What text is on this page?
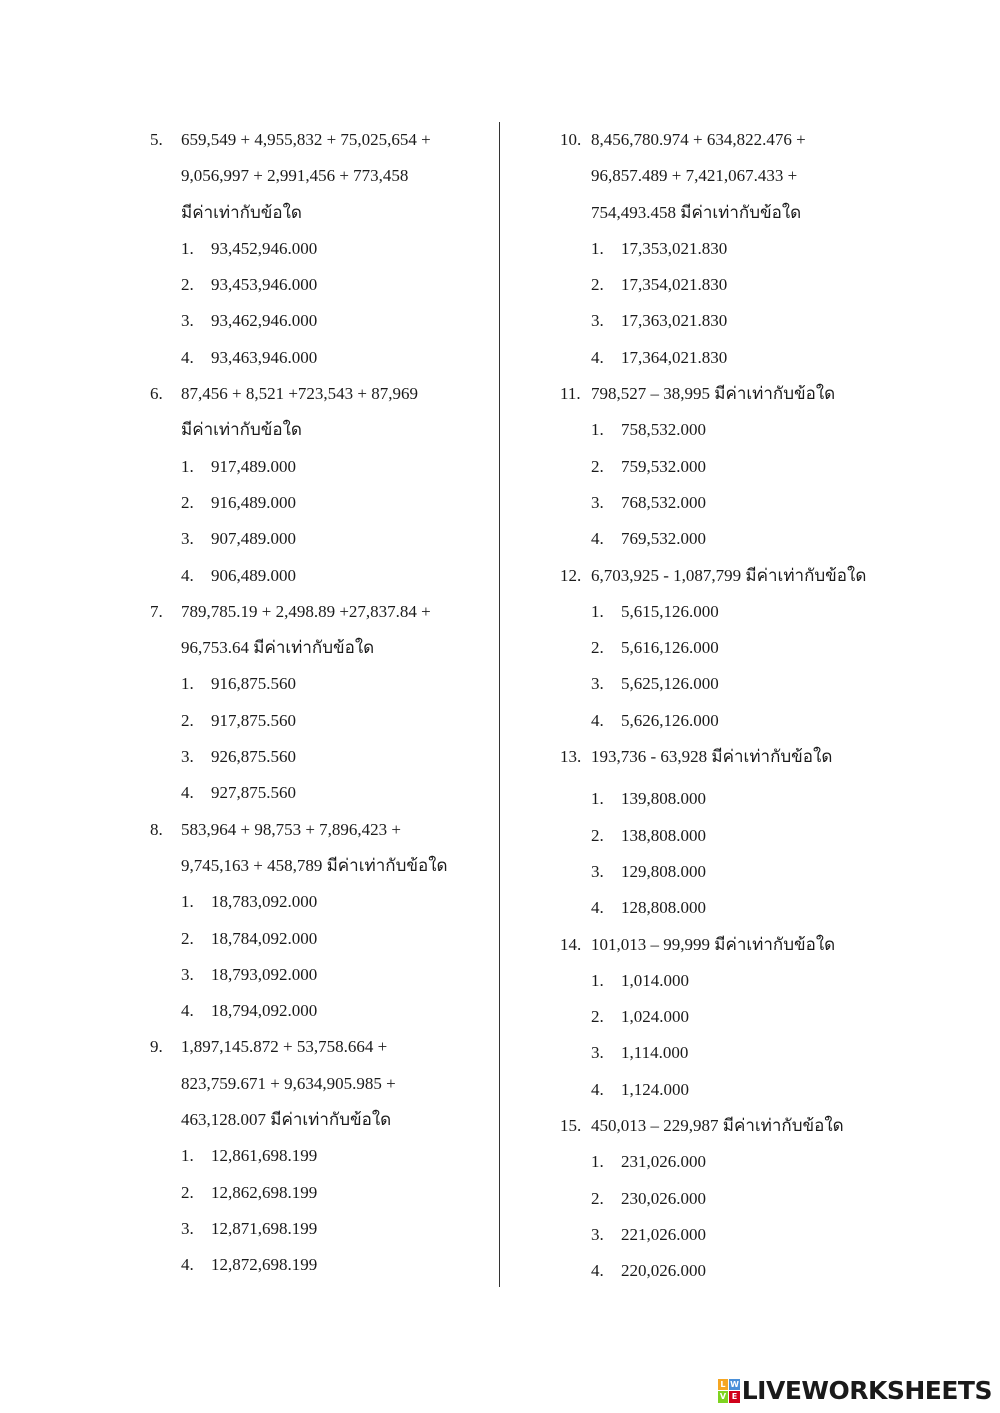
5. 659,549 + 4,955,832 + 75,025,654 +
9,056,997 + 2,991,456 + 773,458
มีค่าเท่ากับข้อใด
1. 93,452,946.000
2. 93,453,946.000
3. 93,462,946.000
4. 93,463,946.000
6. 87,456 + 8,521 +723,543 + 87,969
มีค่าเท่ากับข้อใด
1. 917,489.000
2. 916,489.000
3. 907,489.000
4. 906,489.000
7. 789,785.19 + 2,498.89 +27,837.84 +
96,753.64 มีค่าเท่ากับข้อใด
1. 916,875.560
2. 917,875.560
3. 926,875.560
4. 927,875.560
8. 583,964 + 98,753 + 7,896,423 +
9,745,163 + 458,789 มีค่าเท่ากับข้อใด
1. 18,783,092.000
2. 18,784,092.000
3. 18,793,092.000
4. 18,794,092.000
9. 1,897,145.872 + 53,758.664 +
823,759.671 + 9,634,905.985 +
463,128.007 มีค่าเท่ากับข้อใด
1. 12,861,698.199
2. 12,862,698.199
3. 12,871,698.199
4. 12,872,698.199
10. 8,456,780.974 + 634,822.476 +
96,857.489 + 7,421,067.433 +
754,493.458 มีค่าเท่ากับข้อใด
1. 17,353,021.830
2. 17,354,021.830
3. 17,363,021.830
4. 17,364,021.830
11. 798,527 – 38,995 มีค่าเท่ากับข้อใด
1. 758,532.000
2. 759,532.000
3. 768,532.000
4. 769,532.000
12. 6,703,925 - 1,087,799 มีค่าเท่ากับข้อใด
1. 5,615,126.000
2. 5,616,126.000
3. 5,625,126.000
4. 5,626,126.000
13. 193,736 - 63,928 มีค่าเท่ากับข้อใด
1. 139,808.000
2. 138,808.000
3. 129,808.000
4. 128,808.000
14. 101,013 – 99,999 มีค่าเท่ากับข้อใด
1. 1,014.000
2. 1,024.000
3. 1,114.000
4. 1,124.000
15. 450,013 – 229,987 มีค่าเท่ากับข้อใด
1. 231,026.000
2. 230,026.000
3. 221,026.000
4. 220,026.000
L W
V E LIVEWORKSHEETS
